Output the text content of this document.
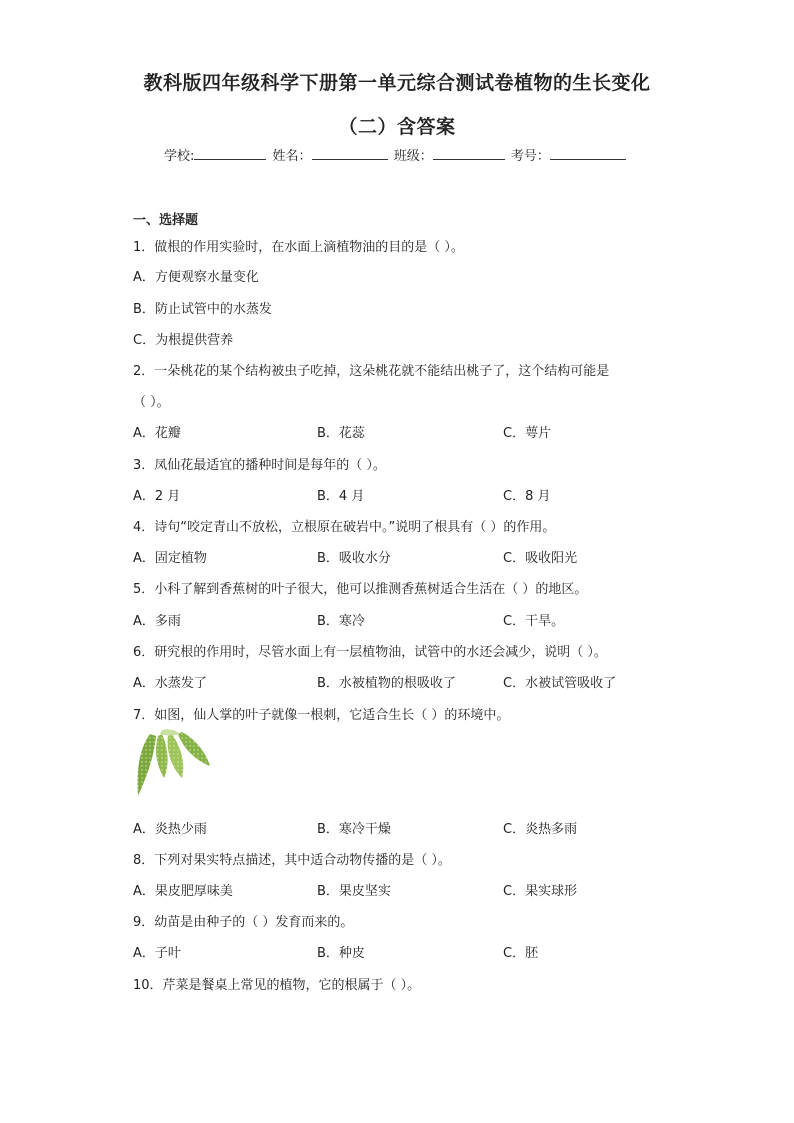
教科版四年级科学下册第一单元综合测试卷植物的生长变化
（二）含答案
学校:	姓名：	班级：	考号：
一、选择题
1．做根的作用实验时，在水面上滴植物油的目的是（ ）。
A．方便观察水量变化
B．防止试管中的水蒸发
C．为根提供营养
2．一朵桃花的某个结构被虫子吃掉，这朵桃花就不能结出桃子了，这个结构可能是
（ ）。
A．花瓣	B．花蕊	C．萼片
3．凤仙花最适宜的播种时间是每年的（ ）。
A．2 月	B．4 月	C．8 月
4．诗句“咬定青山不放松，立根原在破岩中。”说明了根具有（ ）的作用。
A．固定植物	B．吸收水分	C．吸收阳光
5．小科了解到香蕉树的叶子很大，他可以推测香蕉树适合生活在（ ）的地区。
A．多雨	B．寒冷	C．干旱。
6．研究根的作用时，尽管水面上有一层植物油，试管中的水还会减少，说明（ ）。
A．水蒸发了	B．水被植物的根吸收了	C．水被试管吸收了
7．如图，仙人掌的叶子就像一根刺，它适合生长（ ）的环境中。
A．炎热少雨	B．寒冷干燥	C．炎热多雨
8．下列对果实特点描述，其中适合动物传播的是（ ）。
A．果皮肥厚味美	B．果皮坚实	C．果实球形
9．幼苗是由种子的（ ）发育而来的。
A．子叶	B．种皮	C．胚
10．芹菜是餐桌上常见的植物，它的根属于（ ）。
